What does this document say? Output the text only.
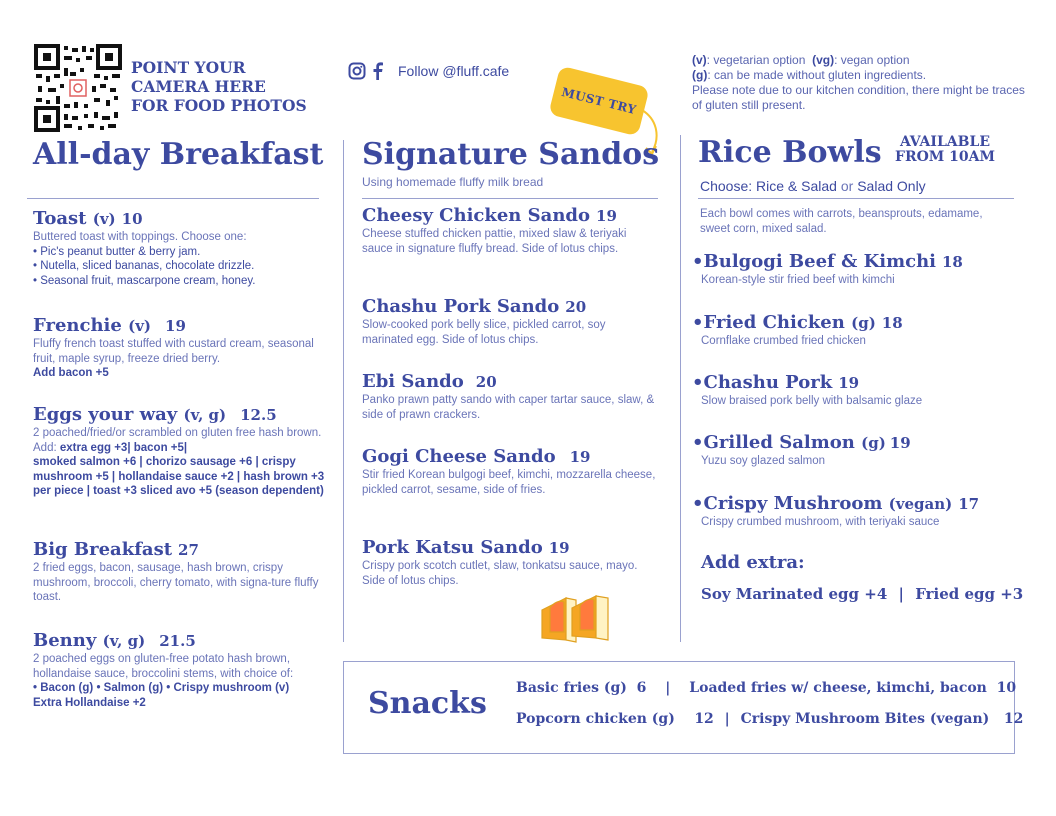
POINT YOUR
CAMERA HERE
FOR FOOD PHOTOS
Follow @fluff.cafe
(v): vegetarian option (vg): vegan option
(g): can be made without gluten ingredients.
Please note due to our kitchen condition, there might be traces of gluten still present.
MUST TRY
All-day Breakfast Signature Sandos Rice Bowls	AVAILABLE
FROM 10AM
Toast (v) 10
Buttered toast with toppings. Choose one:
• Pic's peanut butter & berry jam.
• Nutella, sliced bananas, chocolate drizzle.
• Seasonal fruit, mascarpone cream, honey.
Frenchie (v) 19
Fluffy french toast stuffed with custard cream, seasonal fruit, maple syrup, freeze dried berry.
Add bacon +5
Eggs your way (v, g) 12.5
2 poached/fried/or scrambled on gluten free hash brown. Add: extra egg +3| bacon +5|
smoked salmon +6 | chorizo sausage +6 | crispy mushroom +5 | hollandaise sauce +2 | hash brown +3 per piece | toast +3 sliced avo +5 (season dependent)
Big Breakfast 27
2 fried eggs, bacon, sausage, hash brown, crispy mushroom, broccoli, cherry tomato, with signa-ture fluffy toast.
Benny (v, g) 21.5
2 poached eggs on gluten-free potato hash brown, hollandaise sauce, broccolini stems, with choice of:
• Bacon (g) • Salmon (g) • Crispy mushroom (v)
Extra Hollandaise +2
Using homemade fluffy milk bread
Cheesy Chicken Sando 19
Cheese stuffed chicken pattie, mixed slaw & teriyaki sauce in signature fluffy bread. Side of lotus chips.
Chashu Pork Sando 20
Slow-cooked pork belly slice, pickled carrot, soy marinated egg. Side of lotus chips.
Ebi Sando 20
Panko prawn patty sando with caper tartar sauce, slaw, & side of prawn crackers.
Gogi Cheese Sando 19
Stir fried Korean bulgogi beef, kimchi, mozzarella cheese, pickled carrot, sesame, side of fries.
Pork Katsu Sando 19
Crispy pork scotch cutlet, slaw, tonkatsu sauce, mayo. Side of lotus chips.
Choose: Rice & Salad or Salad Only
Each bowl comes with carrots, beansprouts, edamame, sweet corn, mixed salad.
•Bulgogi Beef & Kimchi 18
Korean-style stir fried beef with kimchi
•Fried Chicken (g) 18
Cornflake crumbed fried chicken
•Chashu Pork 19
Slow braised pork belly with balsamic glaze
•Grilled Salmon (g) 19
Yuzu soy glazed salmon
•Crispy Mushroom (vegan) 17
Crispy crumbed mushroom, with teriyaki sauce
Add extra:
Soy Marinated egg +4 | Fried egg +3
Snacks Basic fries (g) 6 | Loaded fries w/ cheese, kimchi, bacon 10
Popcorn chicken (g) 12 | Crispy Mushroom Bites (vegan) 12
